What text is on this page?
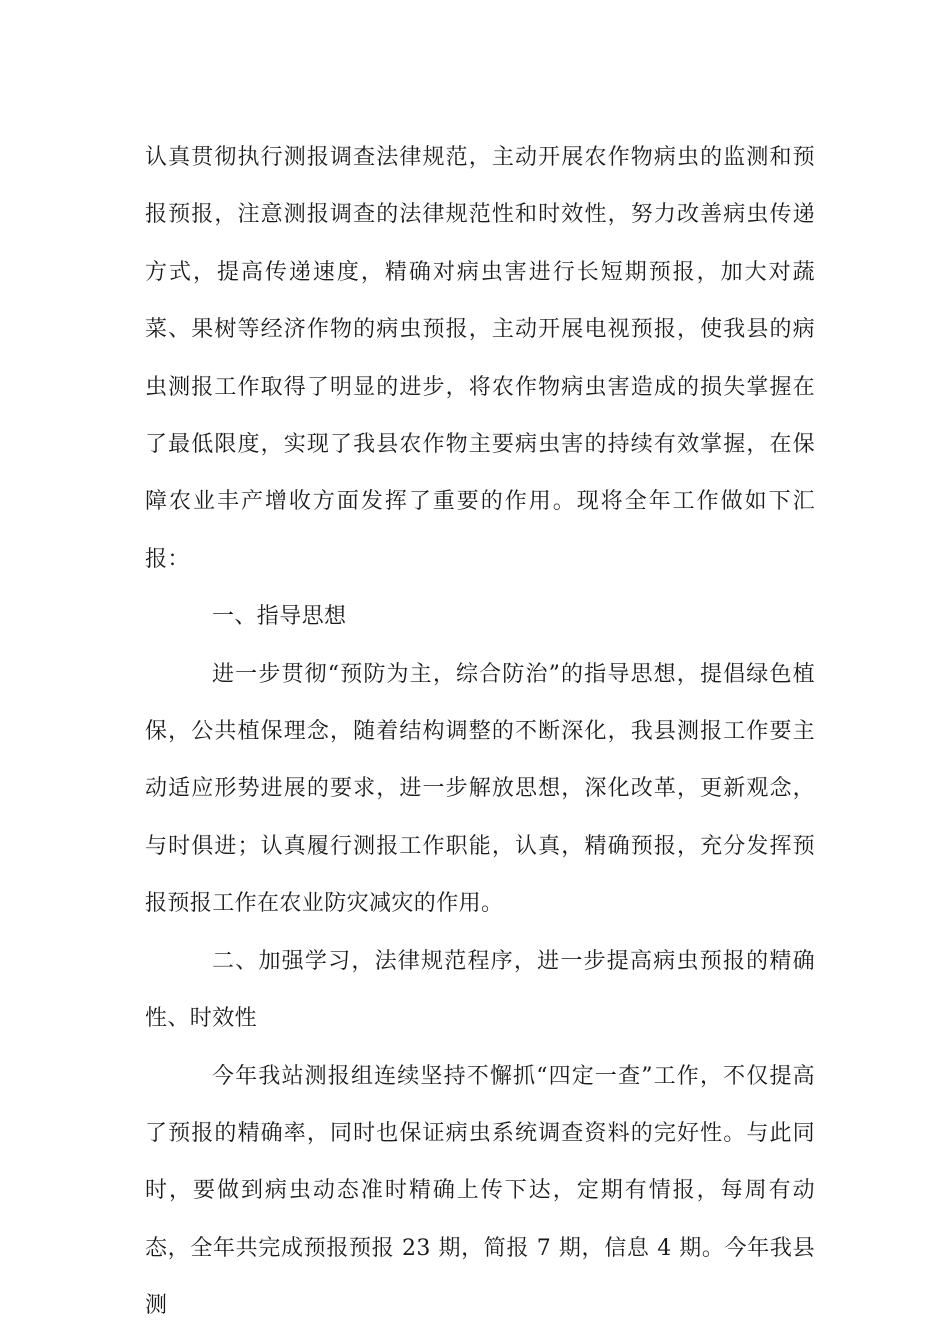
认真贯彻执行测报调查法律规范，主动开展农作物病虫的监测和预报预报，注意测报调查的法律规范性和时效性，努力改善病虫传递方式，提高传递速度，精确对病虫害进行长短期预报，加大对蔬菜、果树等经济作物的病虫预报，主动开展电视预报，使我县的病虫测报工作取得了明显的进步，将农作物病虫害造成的损失掌握在了最低限度，实现了我县农作物主要病虫害的持续有效掌握，在保障农业丰产增收方面发挥了重要的作用。现将全年工作做如下汇报：

一、指导思想

进一步贯彻“预防为主，综合防治”的指导思想，提倡绿色植保，公共植保理念，随着结构调整的不断深化，我县测报工作要主动适应形势进展的要求，进一步解放思想，深化改革，更新观念，与时俱进；认真履行测报工作职能，认真，精确预报，充分发挥预报预报工作在农业防灾减灾的作用。

二、加强学习，法律规范程序，进一步提高病虫预报的精确性、时效性

今年我站测报组连续坚持不懈抓“四定一查”工作，不仅提高了预报的精确率，同时也保证病虫系统调查资料的完好性。与此同时，要做到病虫动态准时精确上传下达，定期有情报，每周有动态，全年共完成预报预报 23 期，简报 7 期，信息 4 期。今年我县测
